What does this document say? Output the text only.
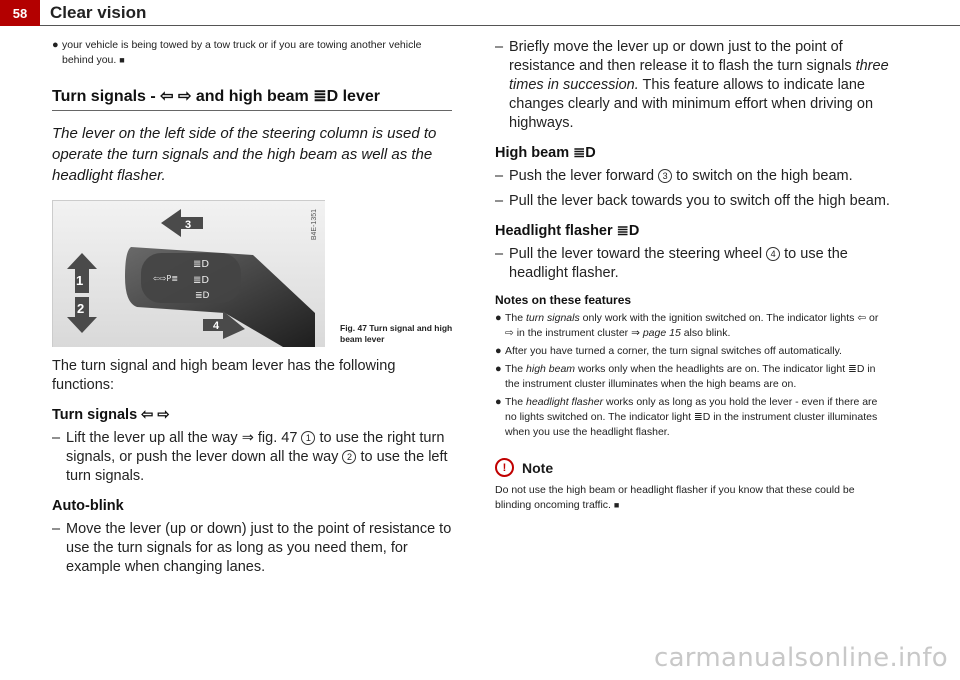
58	Clear vision
● your vehicle is being towed by a tow truck or if you are towing another vehicle behind you. ■
Turn signals - ⇦ ⇨ and high beam ≣D lever

The lever on the left side of the steering column is used to operate the turn signals and the high beam as well as the headlight flasher.

1
2
3
4
⇦⇨P≣
≣D
≣D
≣D
B4E-1351
Fig. 47 Turn signal and high beam lever

The turn signal and high beam lever has the following functions:

Turn signals ⇦ ⇨
– Lift the lever up all the way ⇒ fig. 47 1 to use the right turn signals, or push the lever down all the way 2 to use the left turn signals.
Auto-blink
– Move the lever (up or down) just to the point of resistance to use the turn signals for as long as you need them, for example when changing lanes.
– Briefly move the lever up or down just to the point of resistance and then release it to flash the turn signals three times in succession. This feature allows to indicate lane changes clearly and with minimum effort when driving on highways.
High beam ≣D
– Push the lever forward 3 to switch on the high beam.
– Pull the lever back towards you to switch off the high beam.
Headlight flasher ≣D
– Pull the lever toward the steering wheel 4 to use the headlight flasher.
Notes on these features
● The turn signals only work with the ignition switched on. The indicator lights ⇦ or ⇨ in the instrument cluster ⇒ page 15 also blink.
● After you have turned a corner, the turn signal switches off automatically.
● The high beam works only when the headlights are on. The indicator light ≣D in the instrument cluster illuminates when the high beams are on.
● The headlight flasher works only as long as you hold the lever - even if there are no lights switched on. The indicator light ≣D in the instrument cluster illuminates when you use the headlight flasher.
!	Note

Do not use the high beam or headlight flasher if you know that these could be blinding oncoming traffic. ■

carmanualsonline.info
